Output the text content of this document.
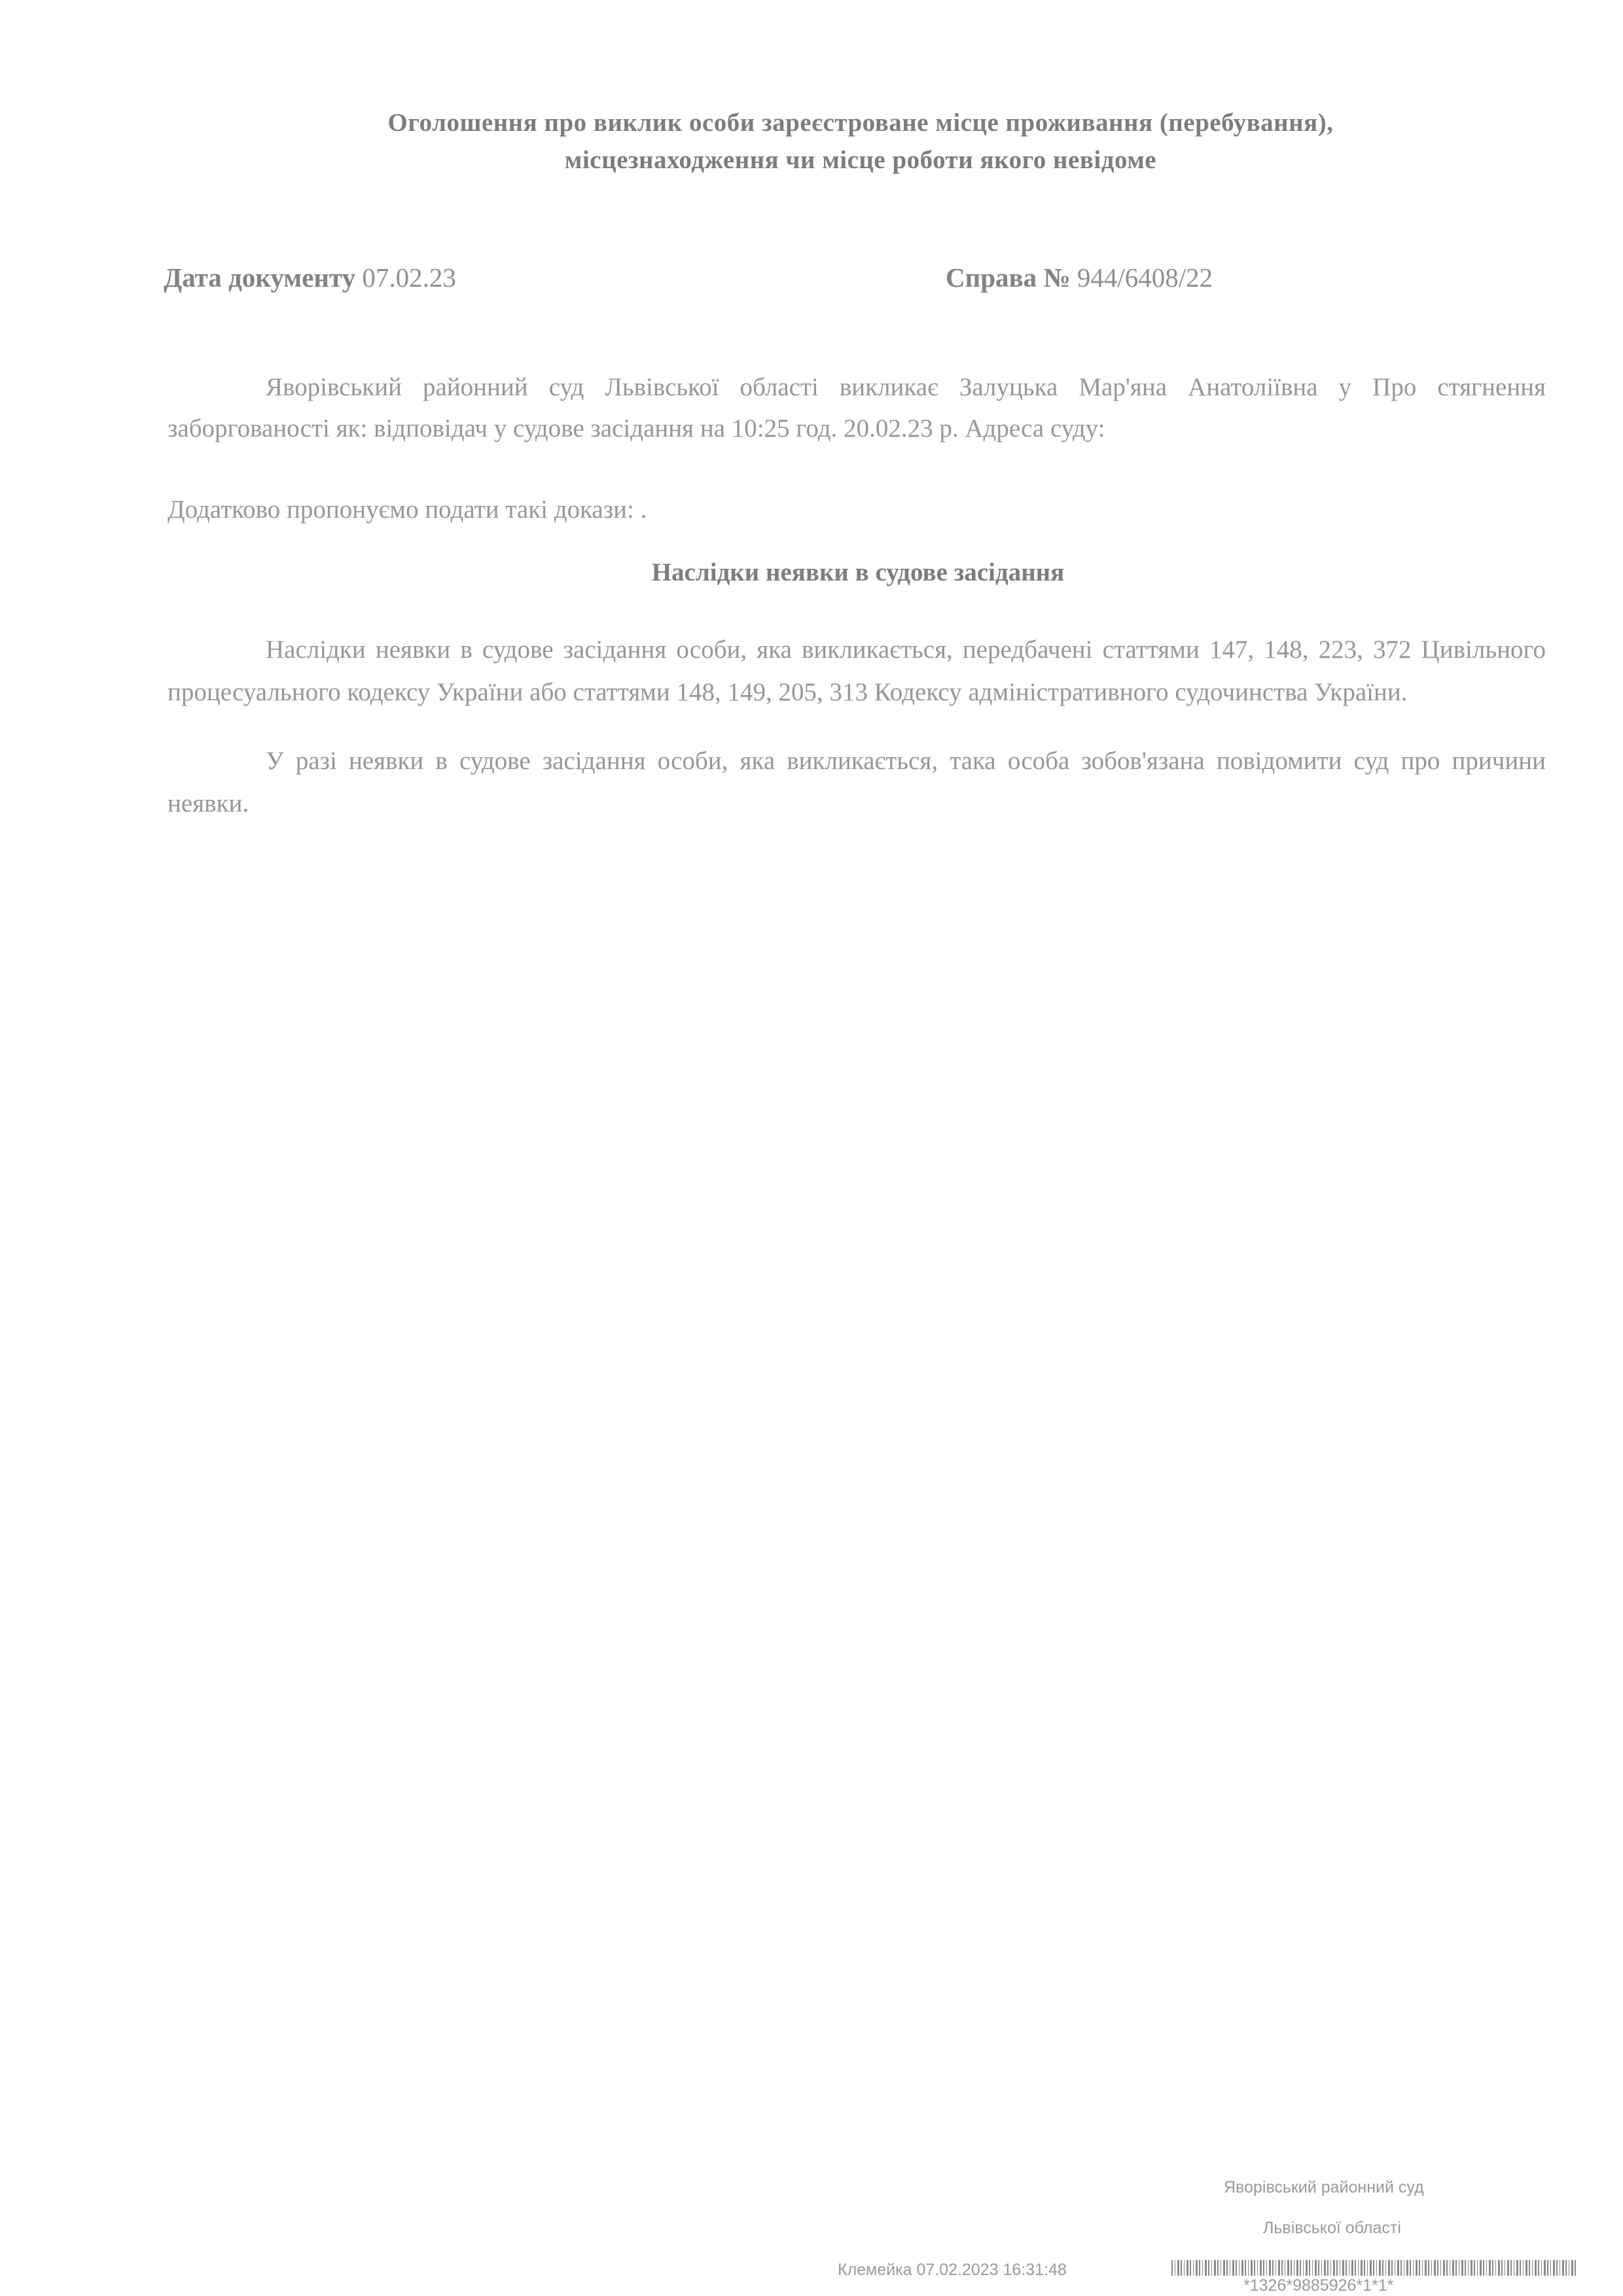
Оголошення про виклик особи зареєстроване місце проживання (перебування),
місцезнаходження чи місце роботи якого невідоме
Дата документу 07.02.23	Справа № 944/6408/22
Яворівський районний суд Львівської області викликає Залуцька Мар'яна Анатоліївна у Про стягнення заборгованості як: відповідач у судове засідання на 10:25 год. 20.02.23 р. Адреса суду:
Додатково пропонуємо подати такі докази: .
Наслідки неявки в судове засідання
Наслідки неявки в судове засідання особи, яка викликається, передбачені статтями 147, 148, 223, 372 Цивільного процесуального кодексу України або статтями 148, 149, 205, 313 Кодексу адміністративного судочинства України.
У разі неявки в судове засідання особи, яка викликається, така особа зобов'язана повідомити суд про причини неявки.
Яворівський районний суд
Львівської області
Клемейка 07.02.2023 16:31:48
*1326*9885926*1*1*
